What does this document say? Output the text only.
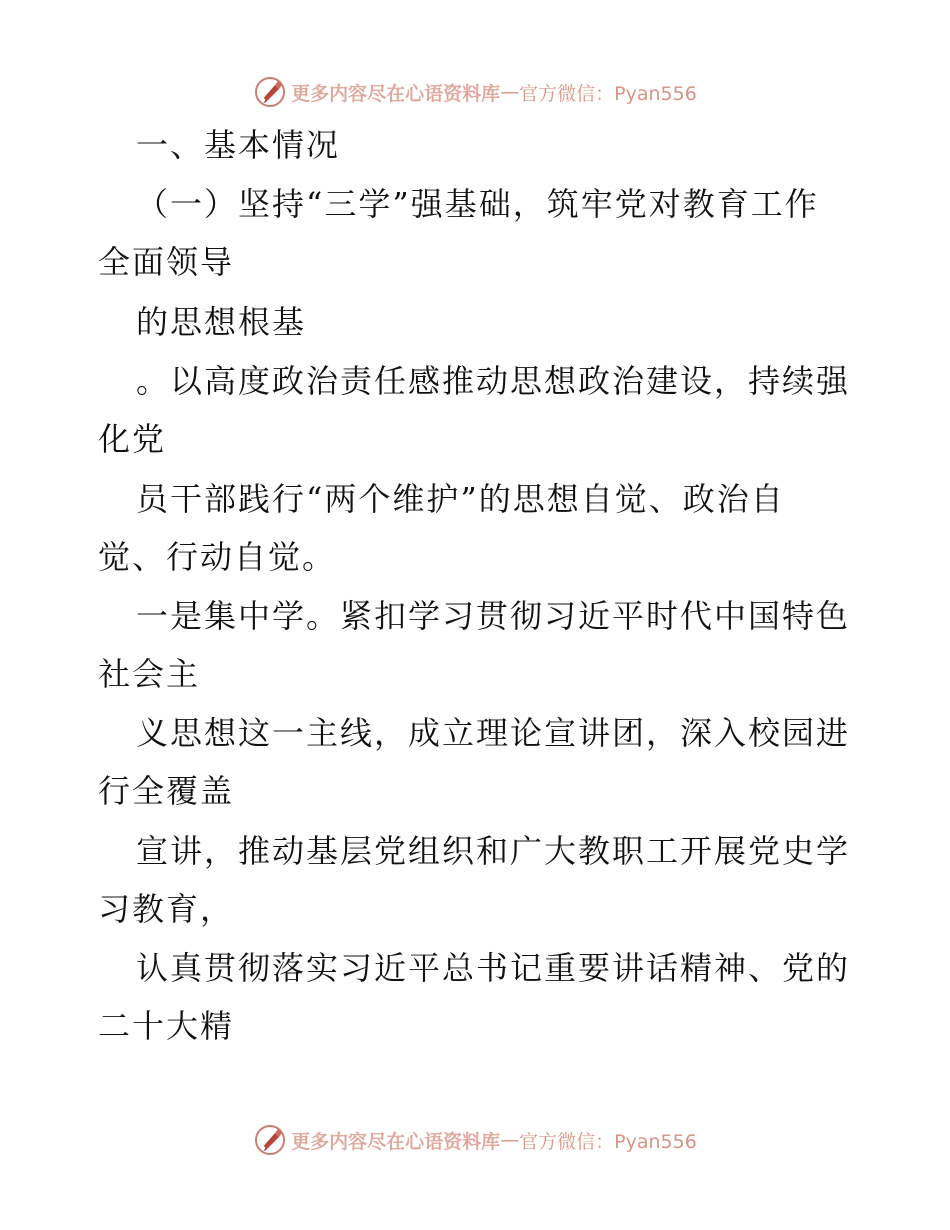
更多内容尽在心语资料库 — 官方微信：Pyan556
一、基本情况
（一）坚持“三学”强基础，筑牢党对教育工作
全面领导
的思想根基
。以高度政治责任感推动思想政治建设，持续强
化党
员干部践行“两个维护”的思想自觉、政治自
觉、行动自觉。
一是集中学。紧扣学习贯彻习近平时代中国特色
社会主
义思想这一主线，成立理论宣讲团，深入校园进
行全覆盖
宣讲，推动基层党组织和广大教职工开展党史学
习教育，
认真贯彻落实习近平总书记重要讲话精神、党的
二十大精
更多内容尽在心语资料库 — 官方微信：Pyan556
